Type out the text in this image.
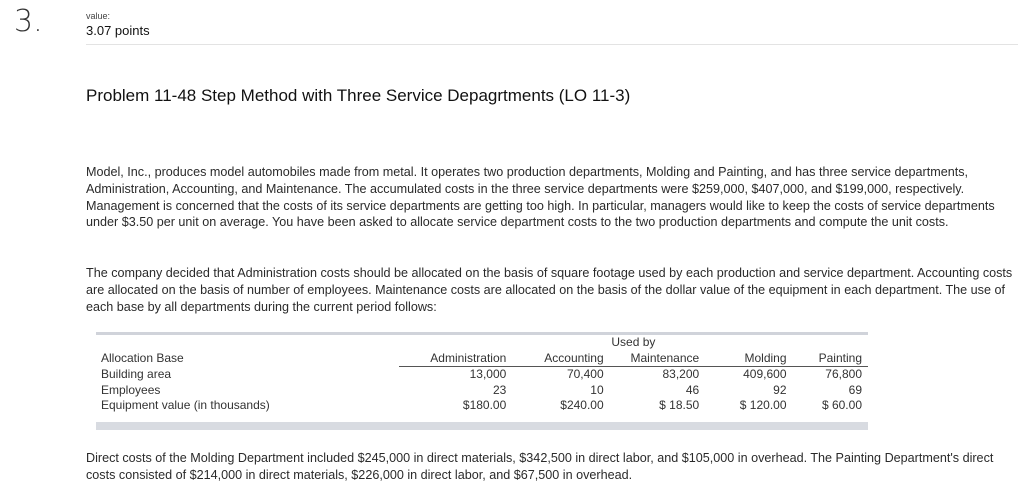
3.	value:
3.07 points
Problem 11-48 Step Method with Three Service Depagrtments (LO 11-3)
Model, Inc., produces model automobiles made from metal. It operates two production departments, Molding and Painting, and has three service departments, Administration, Accounting, and Maintenance. The accumulated costs in the three service departments were $259,000, $407,000, and $199,000, respectively. Management is concerned that the costs of its service departments are getting too high. In particular, managers would like to keep the costs of service departments under $3.50 per unit on average. You have been asked to allocate service department costs to the two production departments and compute the unit costs.
The company decided that Administration costs should be allocated on the basis of square footage used by each production and service department. Accounting costs are allocated on the basis of number of employees. Maintenance costs are allocated on the basis of the dollar value of the equipment in each department. The use of each base by all departments during the current period follows:
	Used by				
Allocation Base	Administration	Accounting	Maintenance	Molding	Painting
Building area	13,000	70,400	83,200	409,600	76,800
Employees	23	10	46	92	69
Equipment value (in thousands)	$180.00	$240.00	$ 18.50	$ 120.00	$ 60.00
Direct costs of the Molding Department included $245,000 in direct materials, $342,500 in direct labor, and $105,000 in overhead. The Painting Department's direct costs consisted of $214,000 in direct materials, $226,000 in direct labor, and $67,500 in overhead.
